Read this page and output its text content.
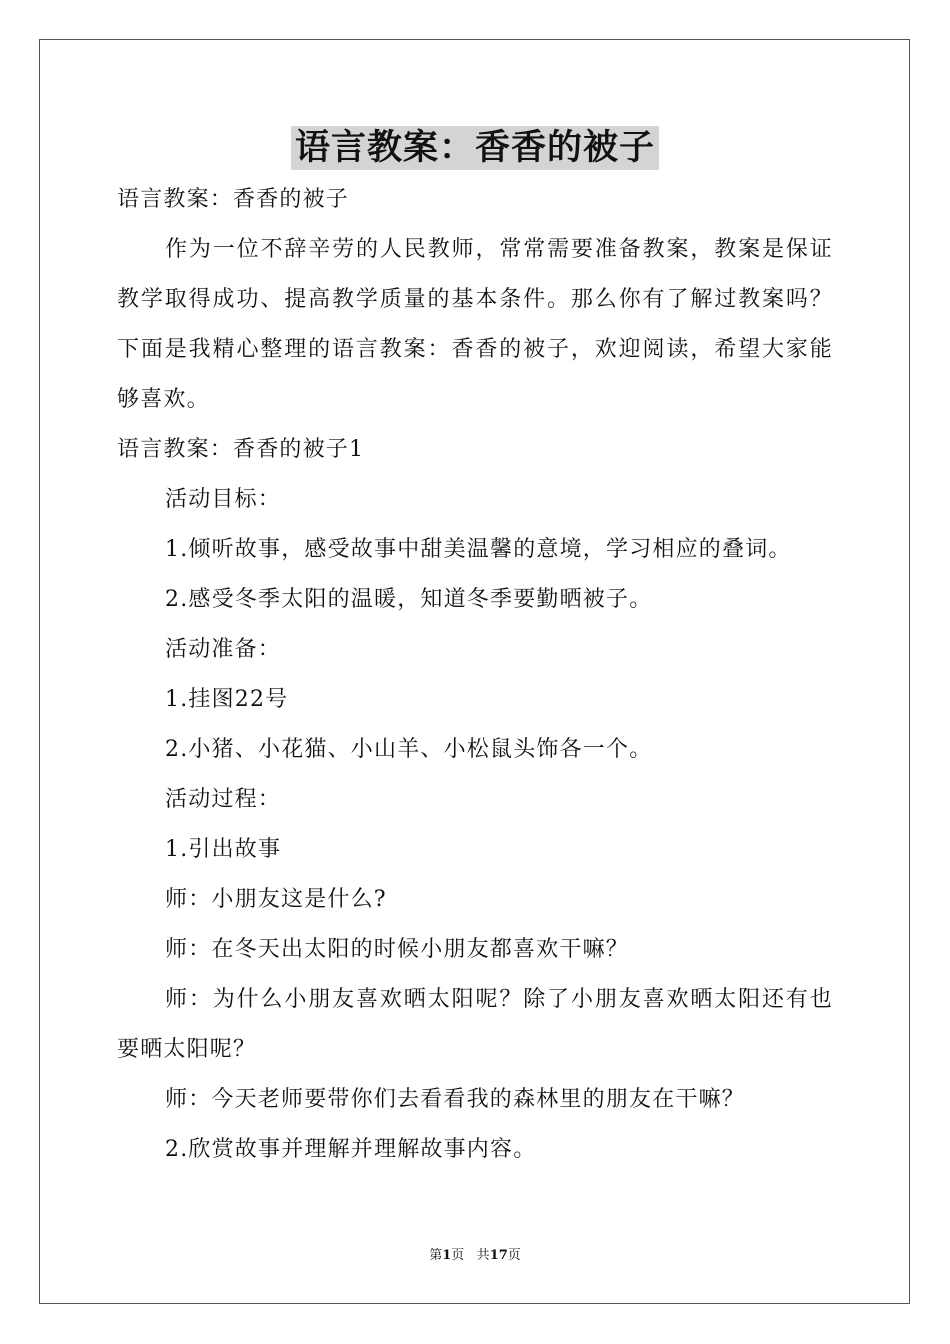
语言教案：香香的被子

语言教案：香香的被子

作为一位不辞辛劳的人民教师，常常需要准备教案，教案是保证教学取得成功、提高教学质量的基本条件。那么你有了解过教案吗？下面是我精心整理的语言教案：香香的被子，欢迎阅读，希望大家能够喜欢。

语言教案：香香的被子1

活动目标：

1.倾听故事，感受故事中甜美温馨的意境，学习相应的叠词。

2.感受冬季太阳的温暖，知道冬季要勤晒被子。

活动准备：

1.挂图22号

2.小猪、小花猫、小山羊、小松鼠头饰各一个。

活动过程：

1.引出故事

师：小朋友这是什么?

师：在冬天出太阳的时候小朋友都喜欢干嘛？

师：为什么小朋友喜欢晒太阳呢？除了小朋友喜欢晒太阳还有也要晒太阳呢？

师：今天老师要带你们去看看我的森林里的朋友在干嘛？

2.欣赏故事并理解并理解故事内容。

第1页 共17页
